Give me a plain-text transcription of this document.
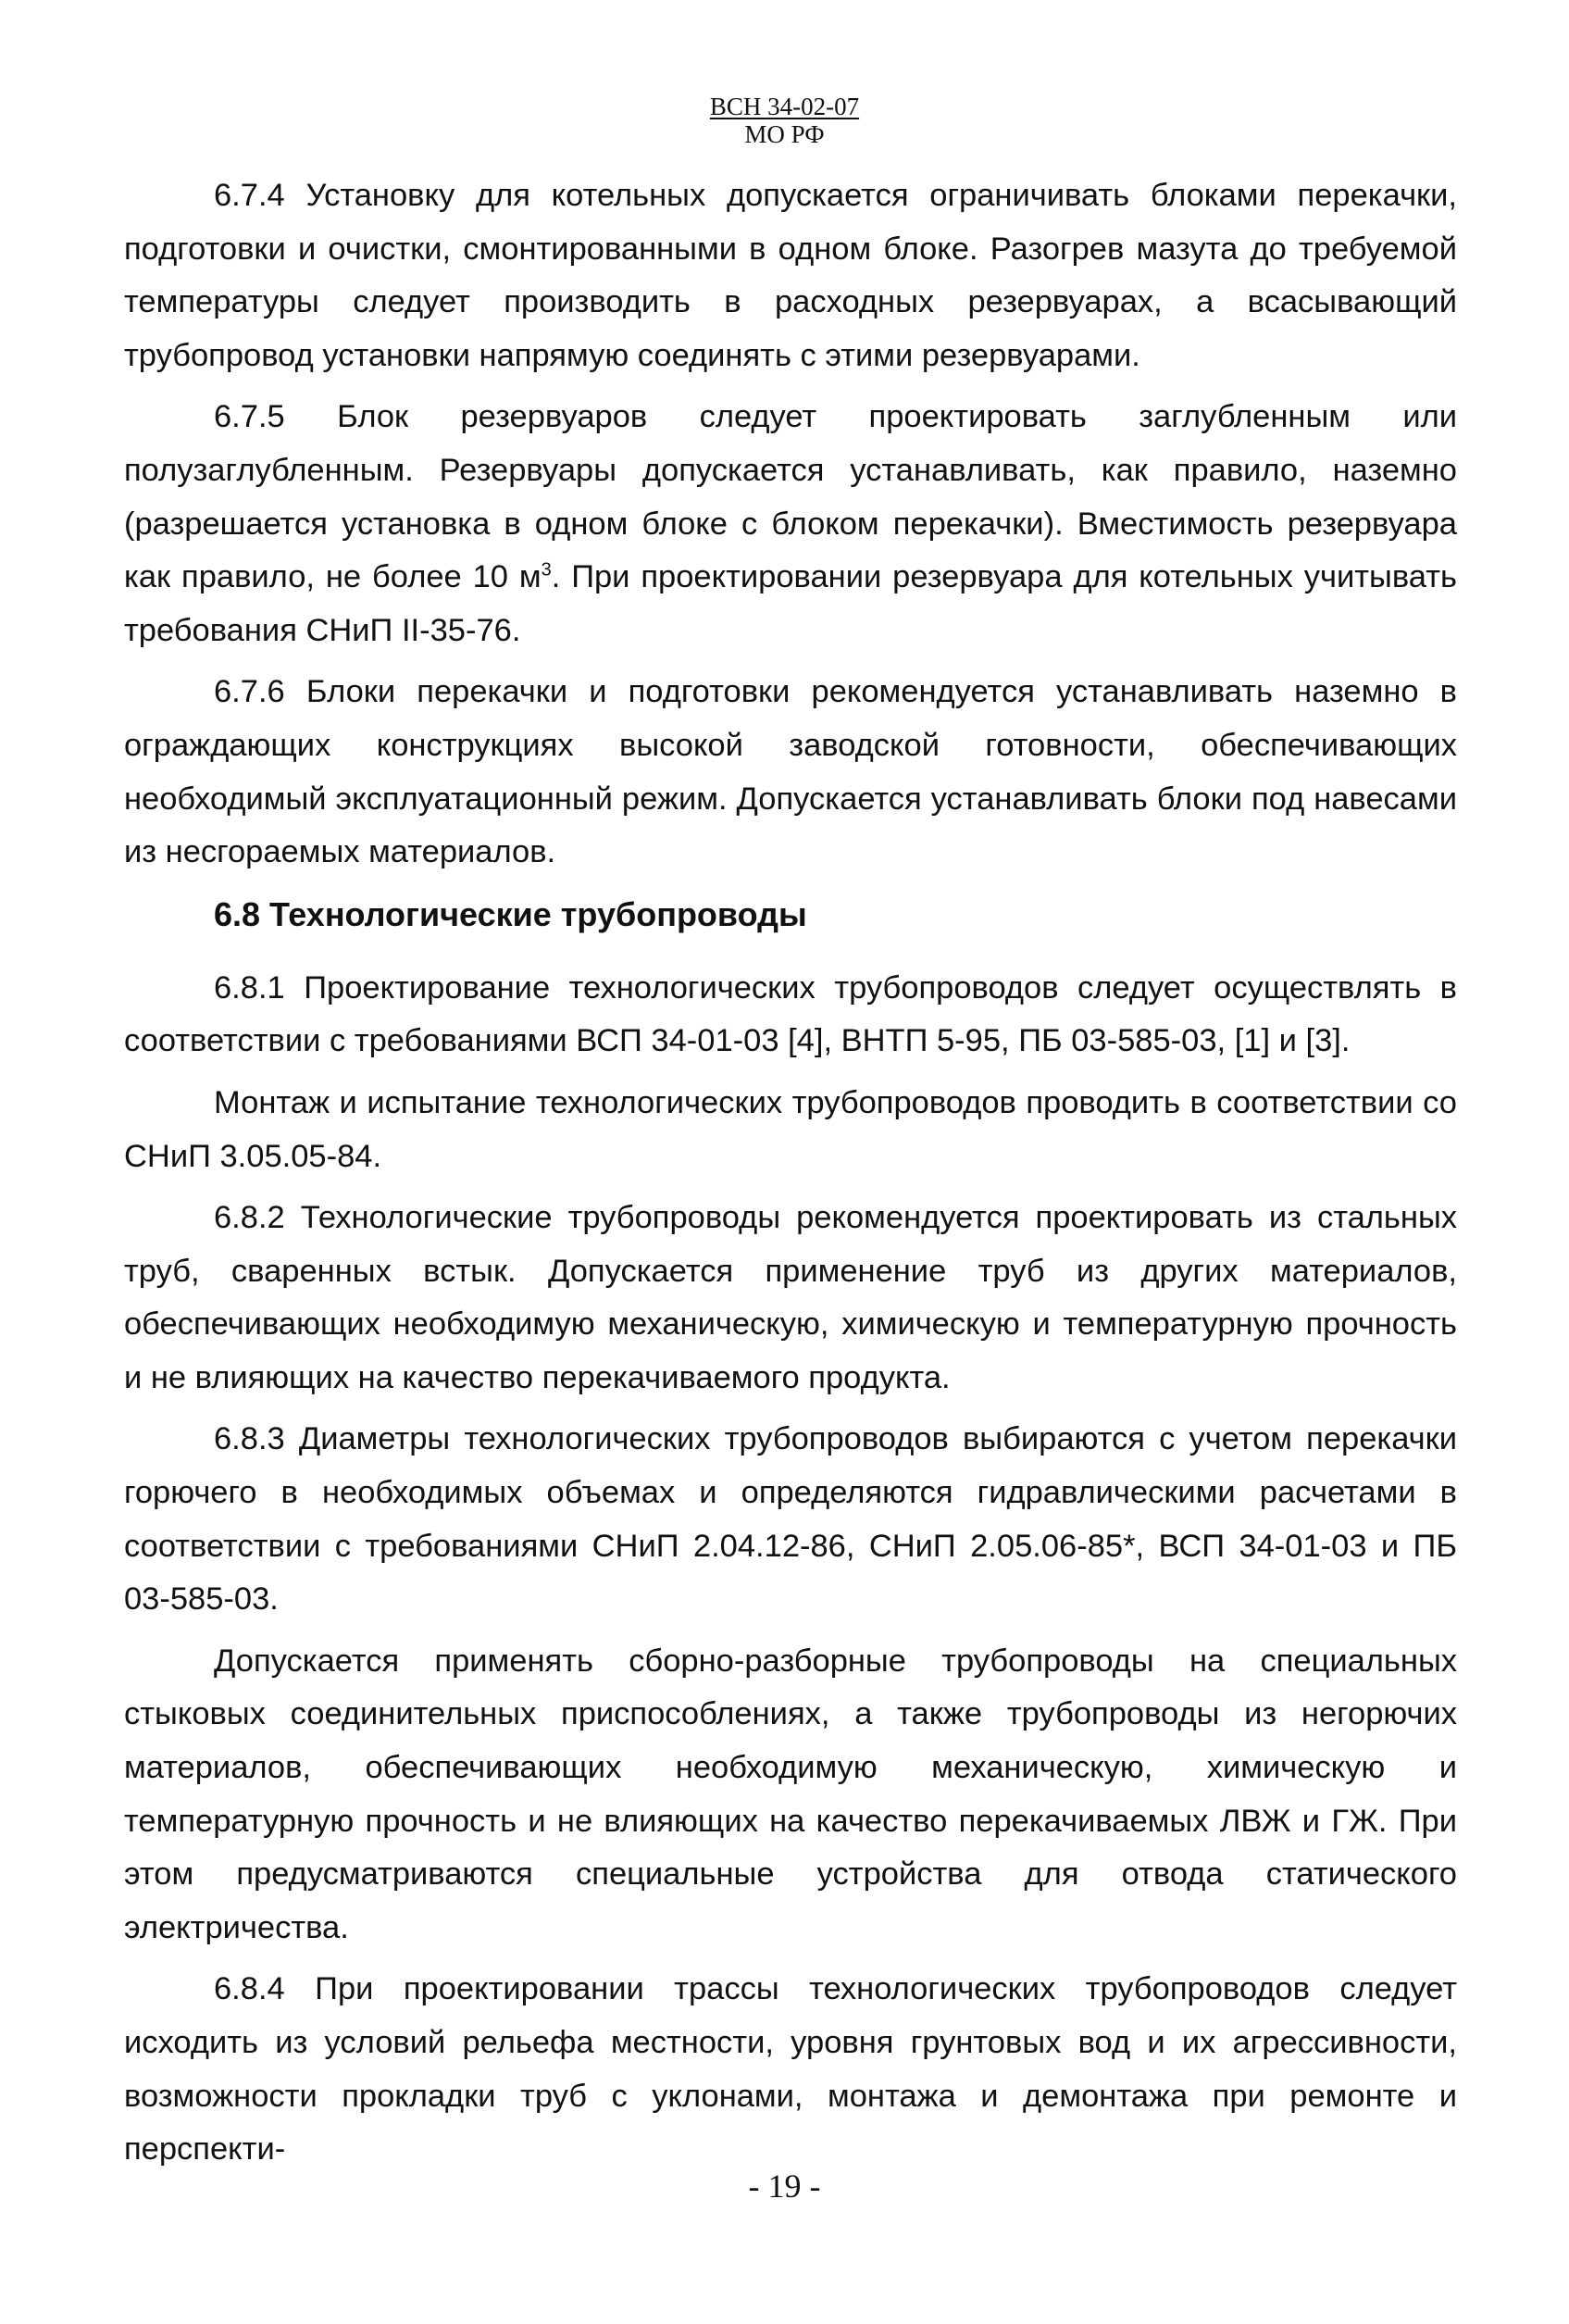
ВСН 34-02-07
МО РФ

6.7.4 Установку для котельных допускается ограничивать блоками перекачки, подготовки и очистки, смонтированными в одном блоке. Разогрев мазута до требуемой температуры следует производить в расходных резервуарах, а всасывающий трубопровод установки напрямую соединять с этими резервуарами.

6.7.5 Блок резервуаров следует проектировать заглубленным или полузаглубленным. Резервуары допускается устанавливать, как правило, наземно (разрешается установка в одном блоке с блоком перекачки). Вместимость резервуара как правило, не более 10 $м^3$. При проектировании резервуара для котельных учитывать требования СНиП II-35-76.

6.7.6 Блоки перекачки и подготовки рекомендуется устанавливать наземно в ограждающих конструкциях высокой заводской готовности, обеспечивающих необходимый эксплуатационный режим. Допускается устанавливать блоки под навесами из несгораемых материалов.

6.8 Технологические трубопроводы

6.8.1 Проектирование технологических трубопроводов следует осуществлять в соответствии с требованиями ВСП 34-01-03 [4], ВНТП 5-95, ПБ 03-585-03, [1] и [3].

Монтаж и испытание технологических трубопроводов проводить в соответствии со СНиП 3.05.05-84.

6.8.2 Технологические трубопроводы рекомендуется проектировать из стальных труб, сваренных встык. Допускается применение труб из других материалов, обеспечивающих необходимую механическую, химическую и температурную прочность и не влияющих на качество перекачиваемого продукта.

6.8.3 Диаметры технологических трубопроводов выбираются с учетом перекачки горючего в необходимых объемах и определяются гидравлическими расчетами в соответствии с требованиями СНиП 2.04.12-86, СНиП 2.05.06-85*, ВСП 34-01-03 и ПБ 03-585-03.

Допускается применять сборно-разборные трубопроводы на специальных стыковых соединительных приспособлениях, а также трубопроводы из негорючих материалов, обеспечивающих необходимую механическую, химическую и температурную прочность и не влияющих на качество перекачиваемых ЛВЖ и ГЖ. При этом предусматриваются специальные устройства для отвода статического электричества.

6.8.4 При проектировании трассы технологических трубопроводов следует исходить из условий рельефа местности, уровня грунтовых вод и их агрессивности, возможности прокладки труб с уклонами, монтажа и демонтажа при ремонте и перспекти-

- 19 -
